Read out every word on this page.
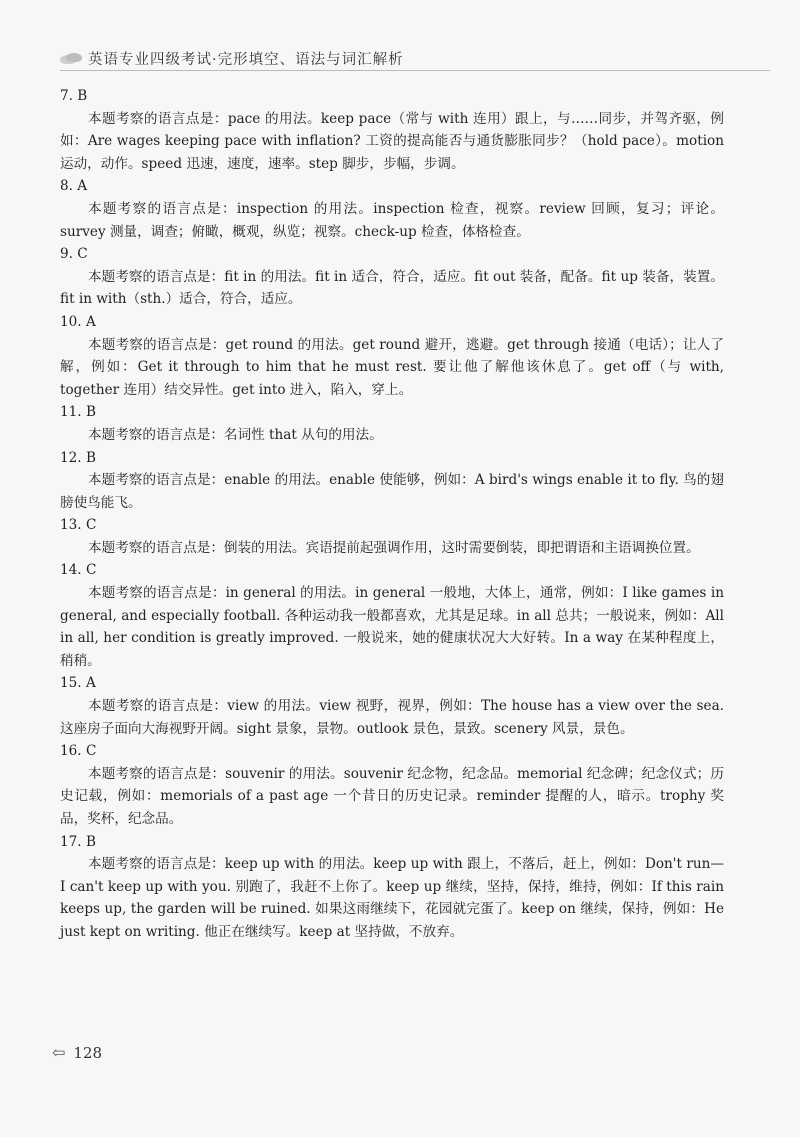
英语专业四级考试·完形填空、语法与词汇解析

7. B

本题考察的语言点是：pace 的用法。keep pace（常与 with 连用）跟上，与……同步，并驾齐驱，例如：Are wages keeping pace with inflation? 工资的提高能否与通货膨胀同步？（hold pace）。motion 运动，动作。speed 迅速，速度，速率。step 脚步，步幅，步调。

8. A

本题考察的语言点是：inspection 的用法。inspection 检查，视察。review 回顾，复习；评论。survey 测量，调查；俯瞰，概观，纵览；视察。check-up 检查，体格检查。

9. C

本题考察的语言点是：fit in 的用法。fit in 适合，符合，适应。fit out 装备，配备。fit up 装备，装置。fit in with（sth.）适合，符合，适应。

10. A

本题考察的语言点是：get round 的用法。get round 避开，逃避。get through 接通（电话）；让人了解，例如：Get it through to him that he must rest. 要让他了解他该休息了。get off（与 with, together 连用）结交异性。get into 进入，陷入，穿上。

11. B

本题考察的语言点是：名词性 that 从句的用法。

12. B

本题考察的语言点是：enable 的用法。enable 使能够，例如：A bird's wings enable it to fly. 鸟的翅膀使鸟能飞。

13. C

本题考察的语言点是：倒装的用法。宾语提前起强调作用，这时需要倒装，即把谓语和主语调换位置。

14. C

本题考察的语言点是：in general 的用法。in general 一般地，大体上，通常，例如：I like games in general, and especially football. 各种运动我一般都喜欢，尤其是足球。in all 总共；一般说来，例如：All in all, her condition is greatly improved. 一般说来，她的健康状况大大好转。In a way 在某种程度上，稍稍。

15. A

本题考察的语言点是：view 的用法。view 视野，视界，例如：The house has a view over the sea. 这座房子面向大海视野开阔。sight 景象，景物。outlook 景色，景致。scenery 风景，景色。

16. C

本题考察的语言点是：souvenir 的用法。souvenir 纪念物，纪念品。memorial 纪念碑；纪念仪式；历史记载，例如：memorials of a past age 一个昔日的历史记录。reminder 提醒的人，暗示。trophy 奖品，奖杯，纪念品。

17. B

本题考察的语言点是：keep up with 的用法。keep up with 跟上，不落后，赶上，例如：Don't run— I can't keep up with you. 别跑了，我赶不上你了。keep up 继续，坚持，保持，维持，例如：If this rain keeps up, the garden will be ruined. 如果这雨继续下，花园就完蛋了。keep on 继续，保持，例如：He just kept on writing. 他正在继续写。keep at 坚持做，不放弃。

⇦ 128
